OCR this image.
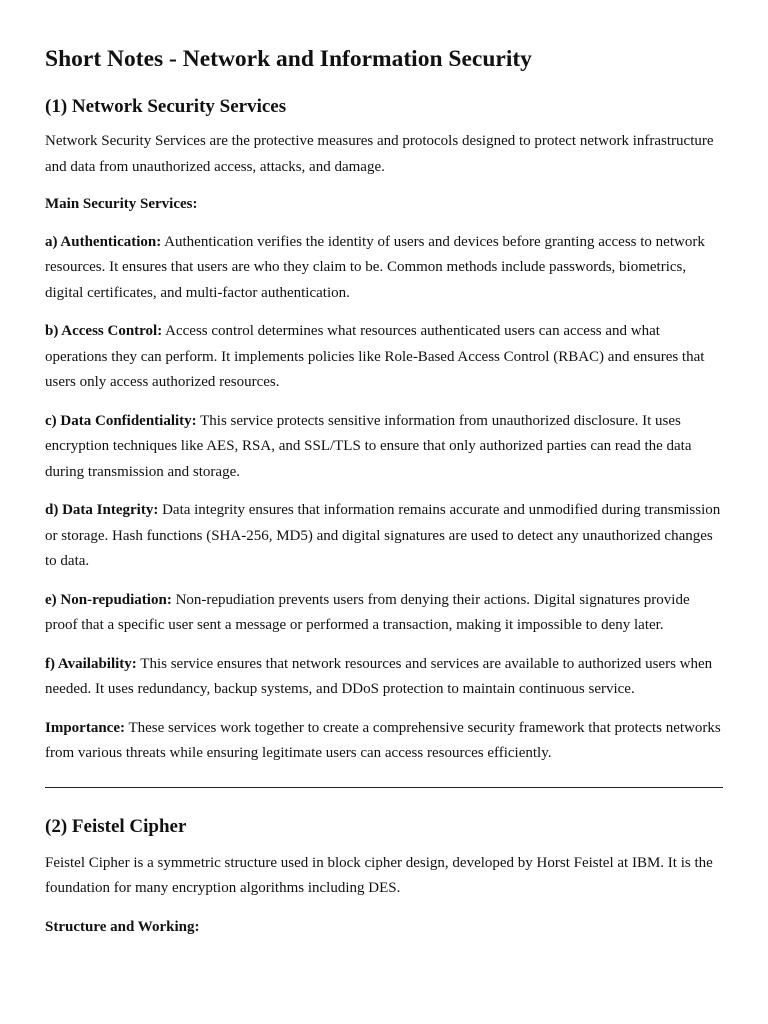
Short Notes - Network and Information Security
(1) Network Security Services

Network Security Services are the protective measures and protocols designed to protect network infrastructure and data from unauthorized access, attacks, and damage.

Main Security Services:

a) Authentication: Authentication verifies the identity of users and devices before granting access to network resources. It ensures that users are who they claim to be. Common methods include passwords, biometrics, digital certificates, and multi-factor authentication.

b) Access Control: Access control determines what resources authenticated users can access and what operations they can perform. It implements policies like Role-Based Access Control (RBAC) and ensures that users only access authorized resources.

c) Data Confidentiality: This service protects sensitive information from unauthorized disclosure. It uses encryption techniques like AES, RSA, and SSL/TLS to ensure that only authorized parties can read the data during transmission and storage.

d) Data Integrity: Data integrity ensures that information remains accurate and unmodified during transmission or storage. Hash functions (SHA-256, MD5) and digital signatures are used to detect any unauthorized changes to data.

e) Non-repudiation: Non-repudiation prevents users from denying their actions. Digital signatures provide proof that a specific user sent a message or performed a transaction, making it impossible to deny later.

f) Availability: This service ensures that network resources and services are available to authorized users when needed. It uses redundancy, backup systems, and DDoS protection to maintain continuous service.

Importance: These services work together to create a comprehensive security framework that protects networks from various threats while ensuring legitimate users can access resources efficiently.

(2) Feistel Cipher

Feistel Cipher is a symmetric structure used in block cipher design, developed by Horst Feistel at IBM. It is the foundation for many encryption algorithms including DES.

Structure and Working:
